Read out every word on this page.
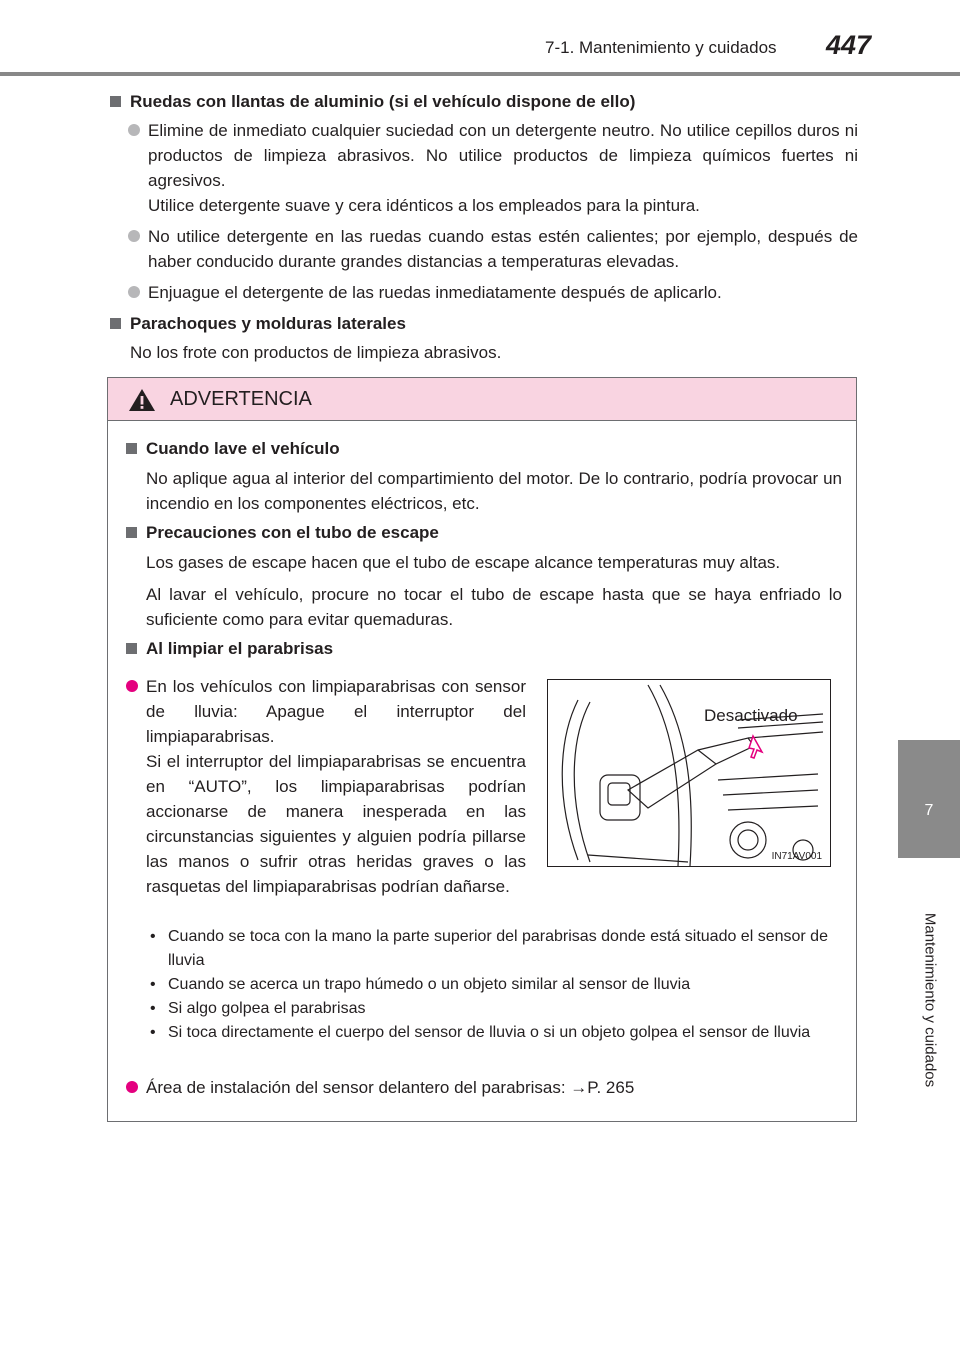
7-1. Mantenimiento y cuidados 447
7
Mantenimiento y cuidados
Ruedas con llantas de aluminio (si el vehículo dispone de ello)
Elimine de inmediato cualquier suciedad con un detergente neutro. No utilice cepillos duros ni productos de limpieza abrasivos. No utilice productos de limpieza químicos fuertes ni agresivos.
Utilice detergente suave y cera idénticos a los empleados para la pintura.
No utilice detergente en las ruedas cuando estas estén calientes; por ejemplo, después de haber conducido durante grandes distancias a temperaturas elevadas.
Enjuague el detergente de las ruedas inmediatamente después de aplicarlo.
Parachoques y molduras laterales
No los frote con productos de limpieza abrasivos.
ADVERTENCIA
Cuando lave el vehículo
No aplique agua al interior del compartimiento del motor. De lo contrario, podría provocar un incendio en los componentes eléctricos, etc.
Precauciones con el tubo de escape
Los gases de escape hacen que el tubo de escape alcance temperaturas muy altas.
Al lavar el vehículo, procure no tocar el tubo de escape hasta que se haya enfriado lo suficiente como para evitar quemaduras.
Al limpiar el parabrisas
En los vehículos con limpiaparabrisas con sensor de lluvia: Apague el interruptor del limpiaparabrisas.
Si el interruptor del limpiaparabrisas se encuentra en “AUTO”, los limpiaparabrisas podrían accionarse de manera inesperada en las circunstancias siguientes y alguien podría pillarse las manos o sufrir otras heridas graves o las rasquetas del limpiaparabrisas podrían dañarse.
• Cuando se toca con la mano la parte superior del parabrisas donde está situado el sensor de lluvia
• Cuando se acerca un trapo húmedo o un objeto similar al sensor de lluvia
• Si algo golpea el parabrisas
• Si toca directamente el cuerpo del sensor de lluvia o si un objeto golpea el sensor de lluvia
Área de instalación del sensor delantero del parabrisas: →P. 265
Desactivado
IN71AV001
